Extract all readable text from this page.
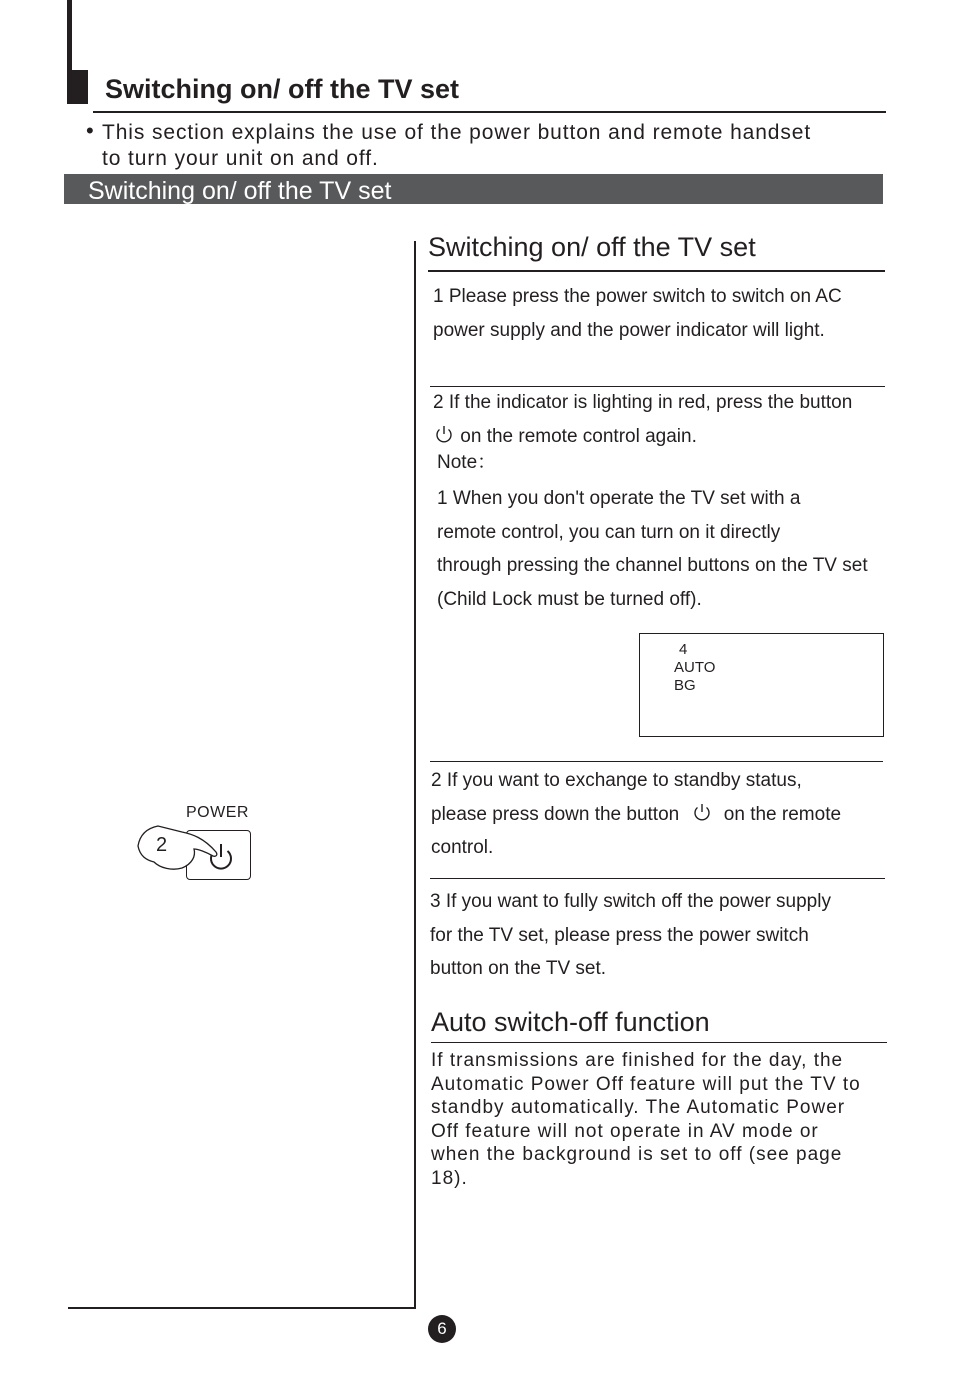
Switching on/ off the TV set
• This section explains the use of the power button and remote handset
to turn your unit on and off.
Switching on/ off the TV set
Switching on/ off the TV set
1 Please press the power switch to switch on AC
power supply and the power indicator will light.
2 If the indicator is lighting in red, press the button
on the remote control again.
Note：
1 When you don't operate the TV set with a
remote control, you can turn on it directly
through pressing the channel buttons on the TV set
(Child Lock must be turned off).
4
AUTO
BG
2 If you want to exchange to standby status,
please press down the button on the remote
control.
3 If you want to fully switch off the power supply
for the TV set, please press the power switch
button on the TV set.
Auto switch-off function
If transmissions are finished for the day, the
Automatic Power Off feature will put the TV to
standby automatically. The Automatic Power
Off feature will not operate in AV mode or
when the background is set to off (see page
18).
POWER
2
6
